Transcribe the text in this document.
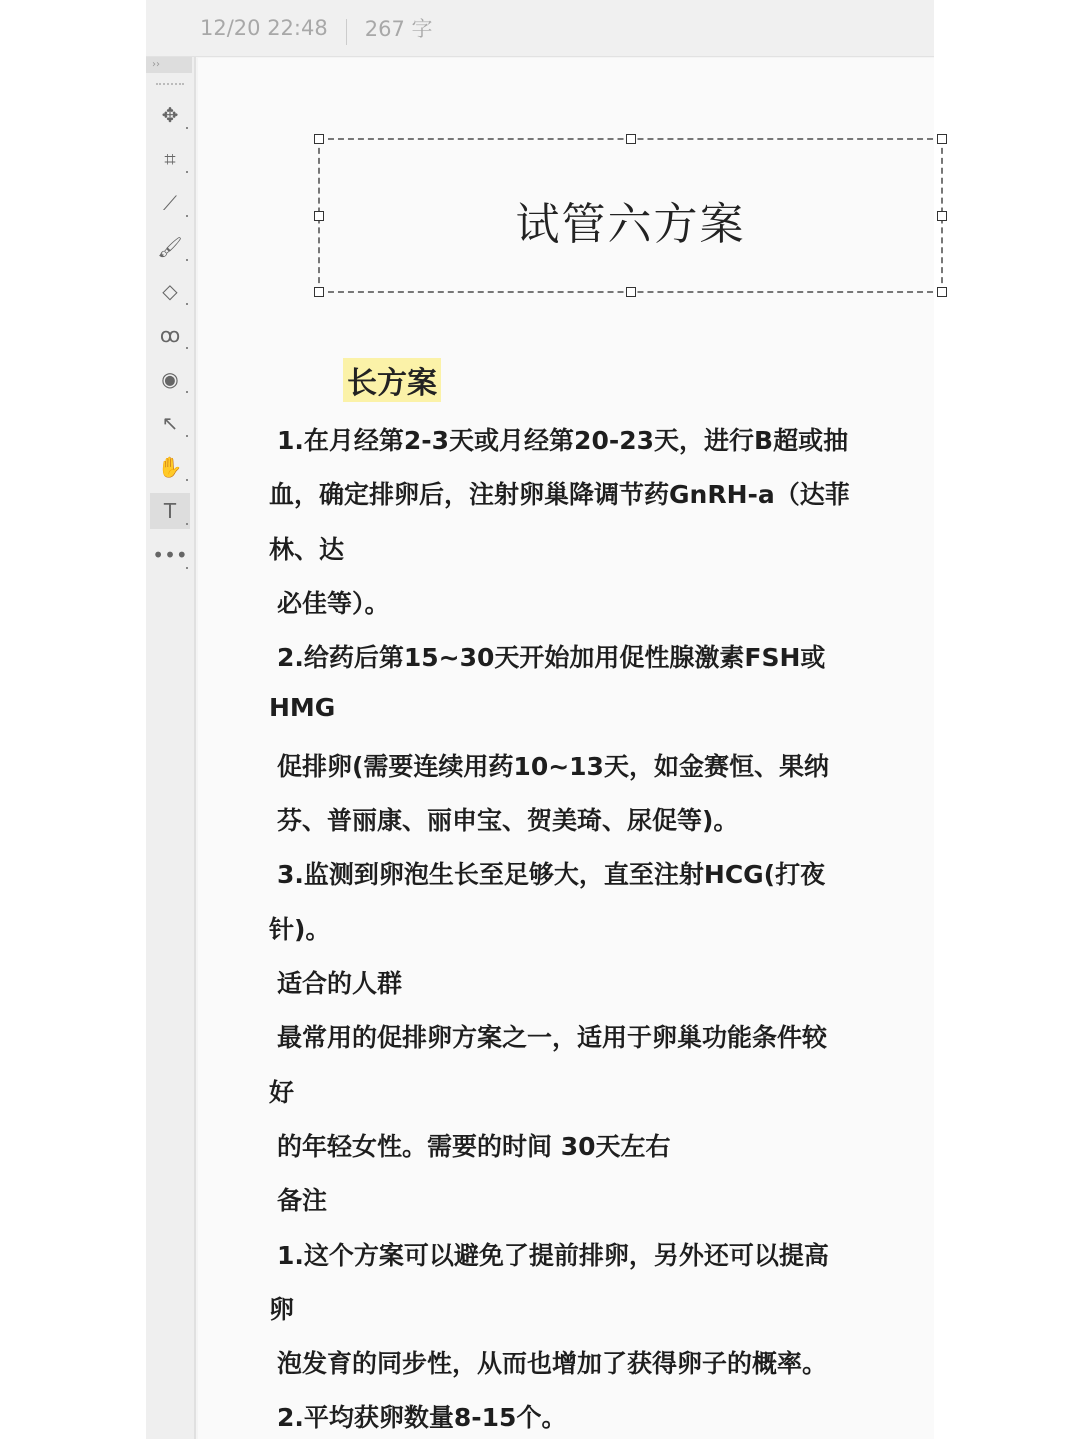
12/20 22:48 267 字
››
✥
⌗
⟋
🖌
◇
ꝏ
◉
↖
✋
T
•••
试管六方案
长方案
1.在月经第2-3天或月经第20-23天，进行B超或抽
血，确定排卵后，注射卵巢降调节药GnRH-a（达菲
林、达
必佳等）。
2.给药后第15~30天开始加用促性腺激素FSH或
HMG
促排卵(需要连续用药10~13天，如金赛恒、果纳
芬、普丽康、丽申宝、贺美琦、尿促等)。
3.监测到卵泡生长至足够大，直至注射HCG(打夜
针)。
适合的人群
最常用的促排卵方案之一，适用于卵巢功能条件较
好
的年轻女性。需要的时间 30天左右
备注
1.这个方案可以避免了提前排卵，另外还可以提高
卵
泡发育的同步性，从而也增加了获得卵子的概率。
2.平均获卵数量8-15个。
